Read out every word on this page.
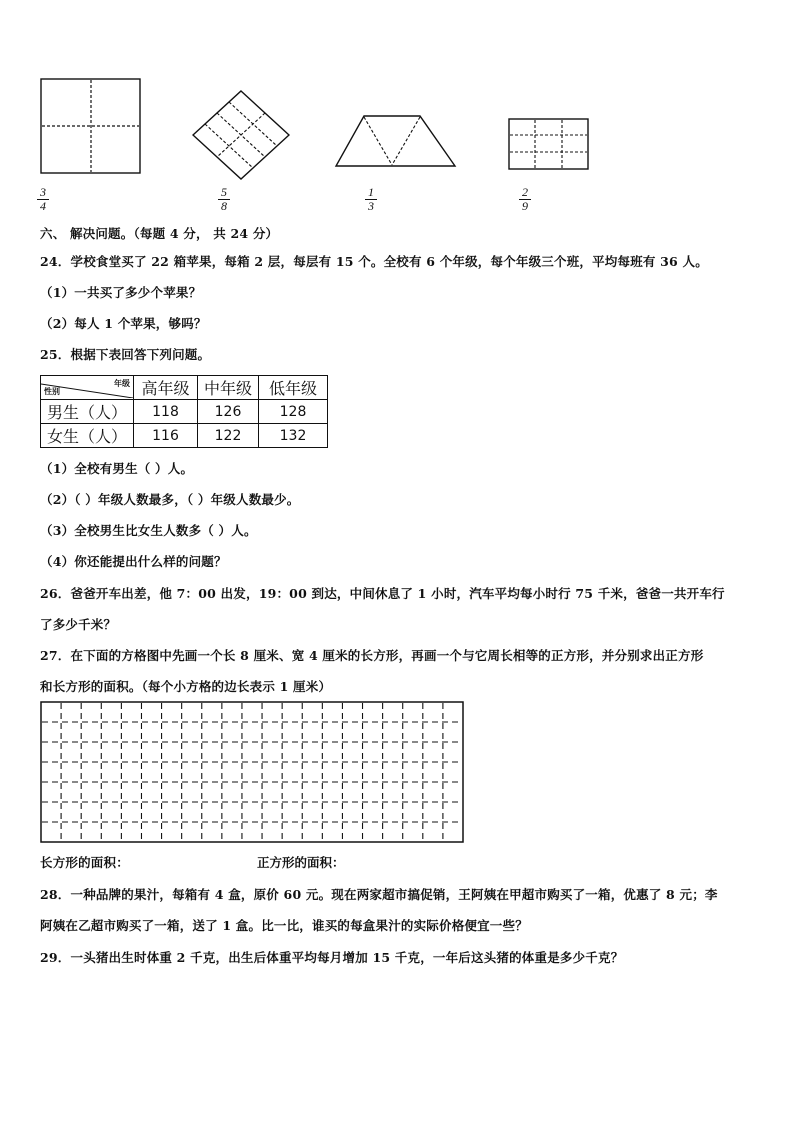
3
4
5
8
1
3
2
9
六、 解决问题。（每题 4 分， 共 24 分）
24．学校食堂买了 22 箱苹果，每箱 2 层，每层有 15 个。全校有 6 个年级，每个年级三个班，平均每班有 36 人。
（1）一共买了多少个苹果？
（2）每人 1 个苹果，够吗？
25．根据下表回答下列问题。
年级
性别	高年级	中年级	低年级
男生（人）	118	126	128
女生（人）	116	122	132
（1）全校有男生（ ）人。
（2）（ ）年级人数最多，（ ）年级人数最少。
（3）全校男生比女生人数多（ ）人。
（4）你还能提出什么样的问题？
26．爸爸开车出差，他 7：00 出发，19：00 到达，中间休息了 1 小时，汽车平均每小时行 75 千米，爸爸一共开车行
了多少千米？
27．在下面的方格图中先画一个长 8 厘米、宽 4 厘米的长方形，再画一个与它周长相等的正方形，并分别求出正方形
和长方形的面积。（每个小方格的边长表示 1 厘米）
长方形的面积：	正方形的面积：
28．一种品牌的果汁，每箱有 4 盒，原价 60 元。现在两家超市搞促销，王阿姨在甲超市购买了一箱，优惠了 8 元；李
阿姨在乙超市购买了一箱，送了 1 盒。比一比，谁买的每盒果汁的实际价格便宜一些？
29．一头猪出生时体重 2 千克，出生后体重平均每月增加 15 千克，一年后这头猪的体重是多少千克？
